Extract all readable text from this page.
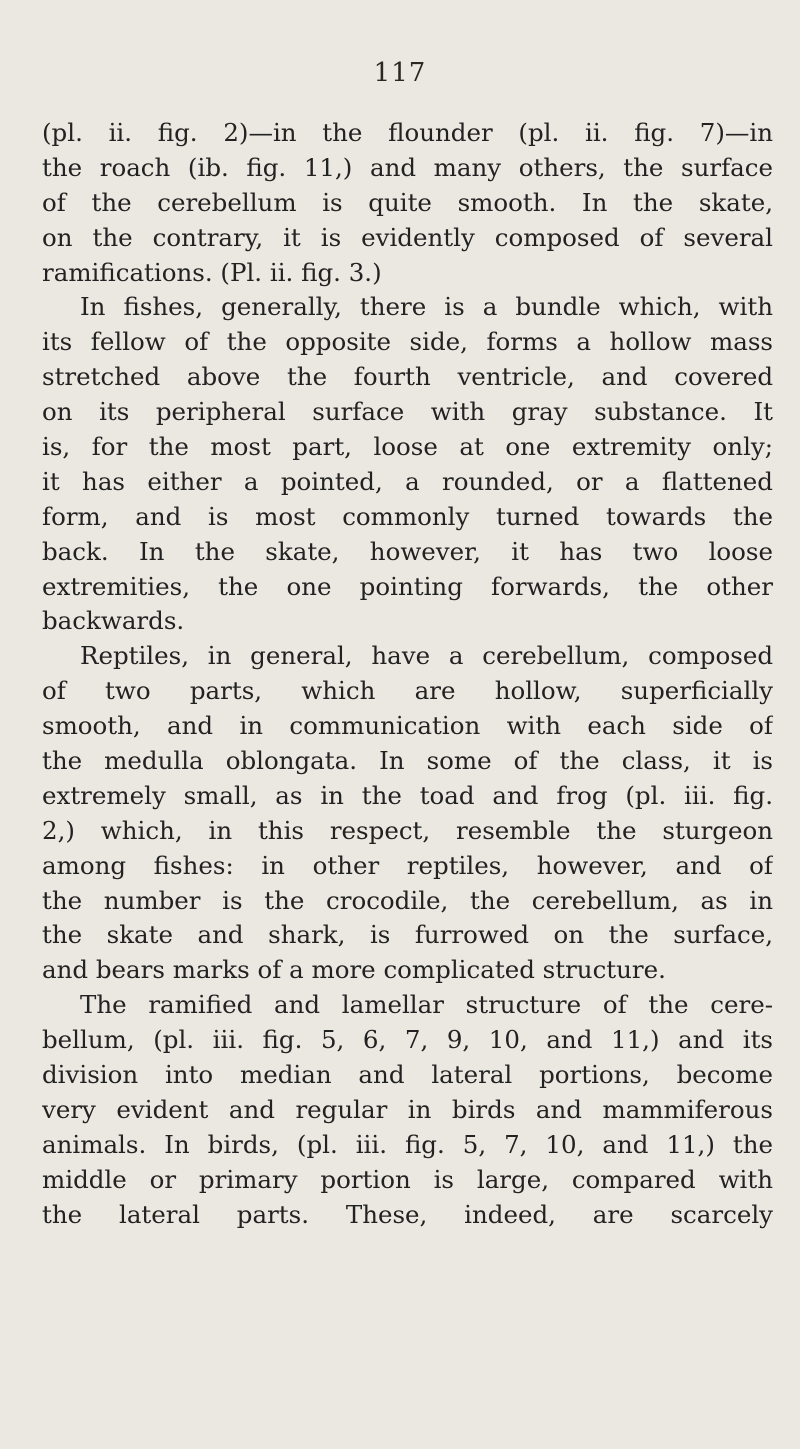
117
(pl. ii. fig. 2)—in the flounder (pl. ii. fig. 7)—in
the roach (ib. fig. 11,) and many others, the surface
of the cerebellum is quite smooth. In the skate,
on the contrary, it is evidently composed of several
ramifications. (Pl. ii. fig. 3.)
In fishes, generally, there is a bundle which, with
its fellow of the opposite side, forms a hollow mass
stretched above the fourth ventricle, and covered
on its peripheral surface with gray substance. It
is, for the most part, loose at one extremity only;
it has either a pointed, a rounded, or a flattened
form, and is most commonly turned towards the
back. In the skate, however, it has two loose
extremities, the one pointing forwards, the other
backwards.
Reptiles, in general, have a cerebellum, composed
of two parts, which are hollow, superficially
smooth, and in communication with each side of
the medulla oblongata. In some of the class, it is
extremely small, as in the toad and frog (pl. iii. fig.
2,) which, in this respect, resemble the sturgeon
among fishes: in other reptiles, however, and of
the number is the crocodile, the cerebellum, as in
the skate and shark, is furrowed on the surface,
and bears marks of a more complicated structure.
The ramified and lamellar structure of the cere-
bellum, (pl. iii. fig. 5, 6, 7, 9, 10, and 11,) and its
division into median and lateral portions, become
very evident and regular in birds and mammiferous
animals. In birds, (pl. iii. fig. 5, 7, 10, and 11,) the
middle or primary portion is large, compared with
the lateral parts. These, indeed, are scarcely
